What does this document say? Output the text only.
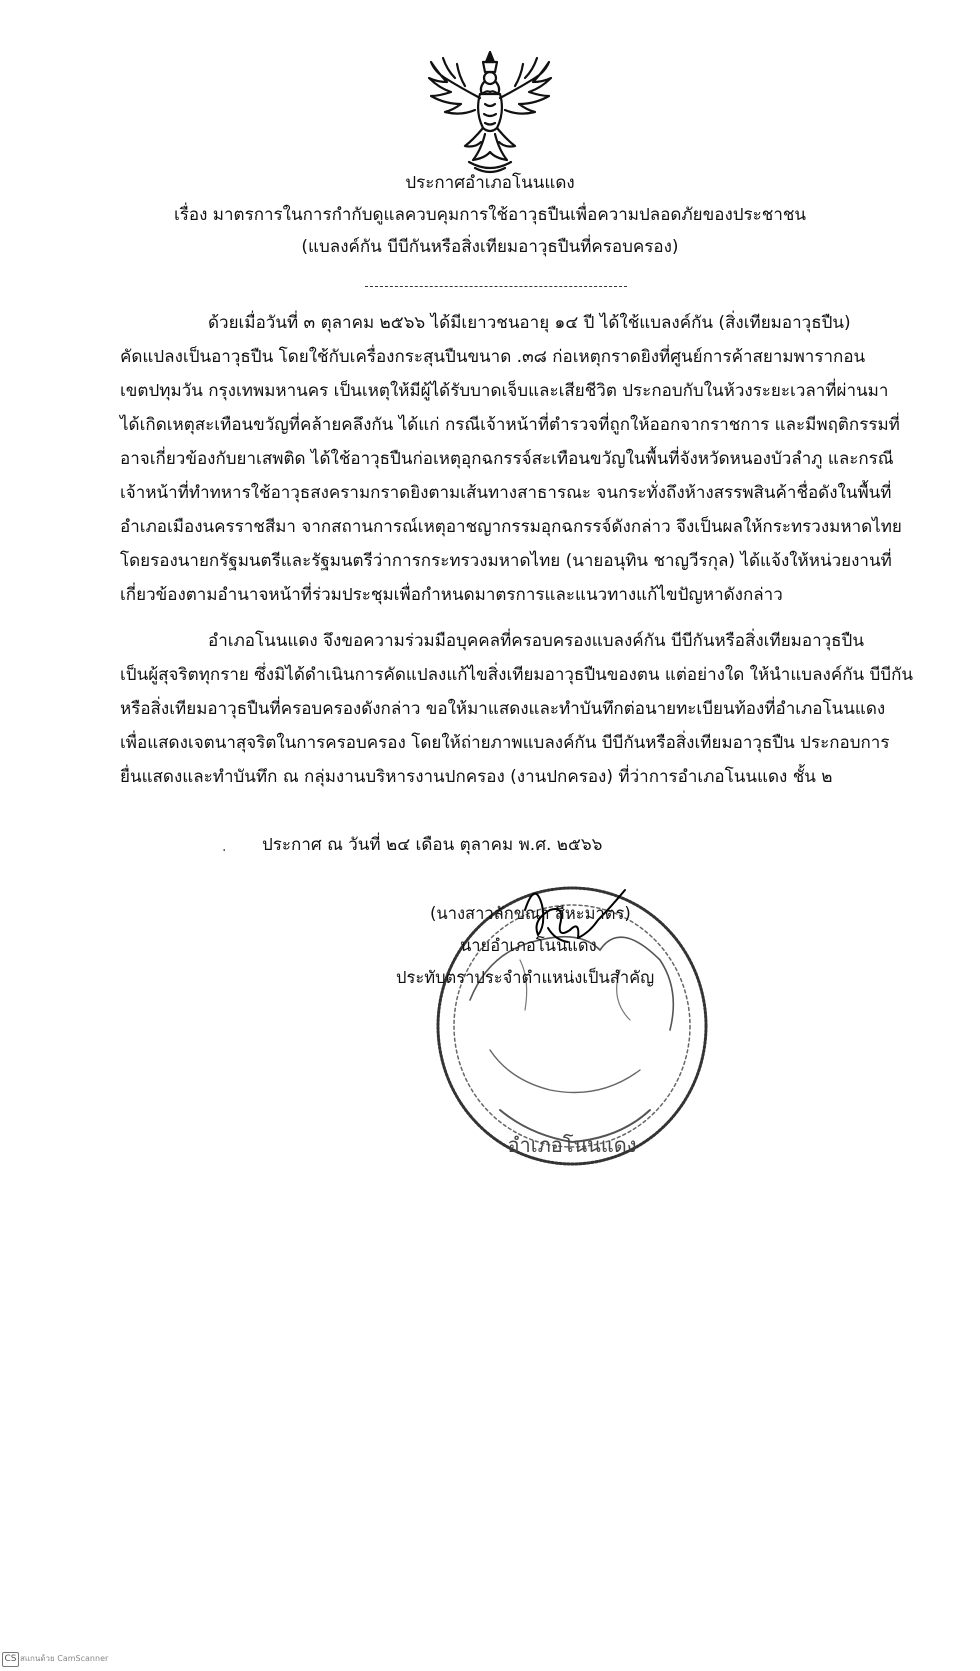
ประกาศอำเภอโนนแดง
เรื่อง มาตรการในการกำกับดูแลควบคุมการใช้อาวุธปืนเพื่อความปลอดภัยของประชาชน
(แบลงค์กัน บีบีกันหรือสิ่งเทียมอาวุธปืนที่ครอบครอง)
ด้วยเมื่อวันที่ ๓ ตุลาคม ๒๕๖๖ ได้มีเยาวชนอายุ ๑๔ ปี ได้ใช้แบลงค์กัน (สิ่งเทียมอาวุธปืน)
คัดแปลงเป็นอาวุธปืน โดยใช้กับเครื่องกระสุนปืนขนาด .๓๘ ก่อเหตุกราดยิงที่ศูนย์การค้าสยามพารากอน
เขตปทุมวัน กรุงเทพมหานคร เป็นเหตุให้มีผู้ได้รับบาดเจ็บและเสียชีวิต ประกอบกับในห้วงระยะเวลาที่ผ่านมา
ได้เกิดเหตุสะเทือนขวัญที่คล้ายคลึงกัน ได้แก่ กรณีเจ้าหน้าที่ตำรวจที่ถูกให้ออกจากราชการ และมีพฤติกรรมที่
อาจเกี่ยวข้องกับยาเสพติด ได้ใช้อาวุธปืนก่อเหตุอุกฉกรรจ์สะเทือนขวัญในพื้นที่จังหวัดหนองบัวลำภู และกรณี
เจ้าหน้าที่ทำทหารใช้อาวุธสงครามกราดยิงตามเส้นทางสาธารณะ จนกระทั่งถึงห้างสรรพสินค้าชื่อดังในพื้นที่
อำเภอเมืองนครราชสีมา จากสถานการณ์เหตุอาชญากรรมอุกฉกรรจ์ดังกล่าว จึงเป็นผลให้กระทรวงมหาดไทย
โดยรองนายกรัฐมนตรีและรัฐมนตรีว่าการกระทรวงมหาดไทย (นายอนุทิน ชาญวีรกุล) ได้แจ้งให้หน่วยงานที่
เกี่ยวข้องตามอำนาจหน้าที่ร่วมประชุมเพื่อกำหนดมาตรการและแนวทางแก้ไขปัญหาดังกล่าว
อำเภอโนนแดง จึงขอความร่วมมือบุคคลที่ครอบครองแบลงค์กัน บีบีกันหรือสิ่งเทียมอาวุธปืน
เป็นผู้สุจริตทุกราย ซึ่งมิได้ดำเนินการคัดแปลงแก้ไขสิ่งเทียมอาวุธปืนของตน แต่อย่างใด ให้นำแบลงค์กัน บีบีกัน
หรือสิ่งเทียมอาวุธปืนที่ครอบครองดังกล่าว ขอให้มาแสดงและทำบันทึกต่อนายทะเบียนท้องที่อำเภอโนนแดง
เพื่อแสดงเจตนาสุจริตในการครอบครอง โดยให้ถ่ายภาพแบลงค์กัน บีบีกันหรือสิ่งเทียมอาวุธปืน ประกอบการ
ยื่นแสดงและทำบันทึก ณ กลุ่มงานบริหารงานปกครอง (งานปกครอง) ที่ว่าการอำเภอโนนแดง ชั้น ๒
· ประกาศ ณ วันที่ ๒๔ เดือน ตุลาคม พ.ศ. ๒๕๖๖
อำเภอโนนแดง
(นางสาวลักขณา สีหะมาตร)
นายอำเภอโนนแดง
ประทับตราประจำตำแหน่งเป็นสำคัญ
CS สแกนด้วย CamScanner
